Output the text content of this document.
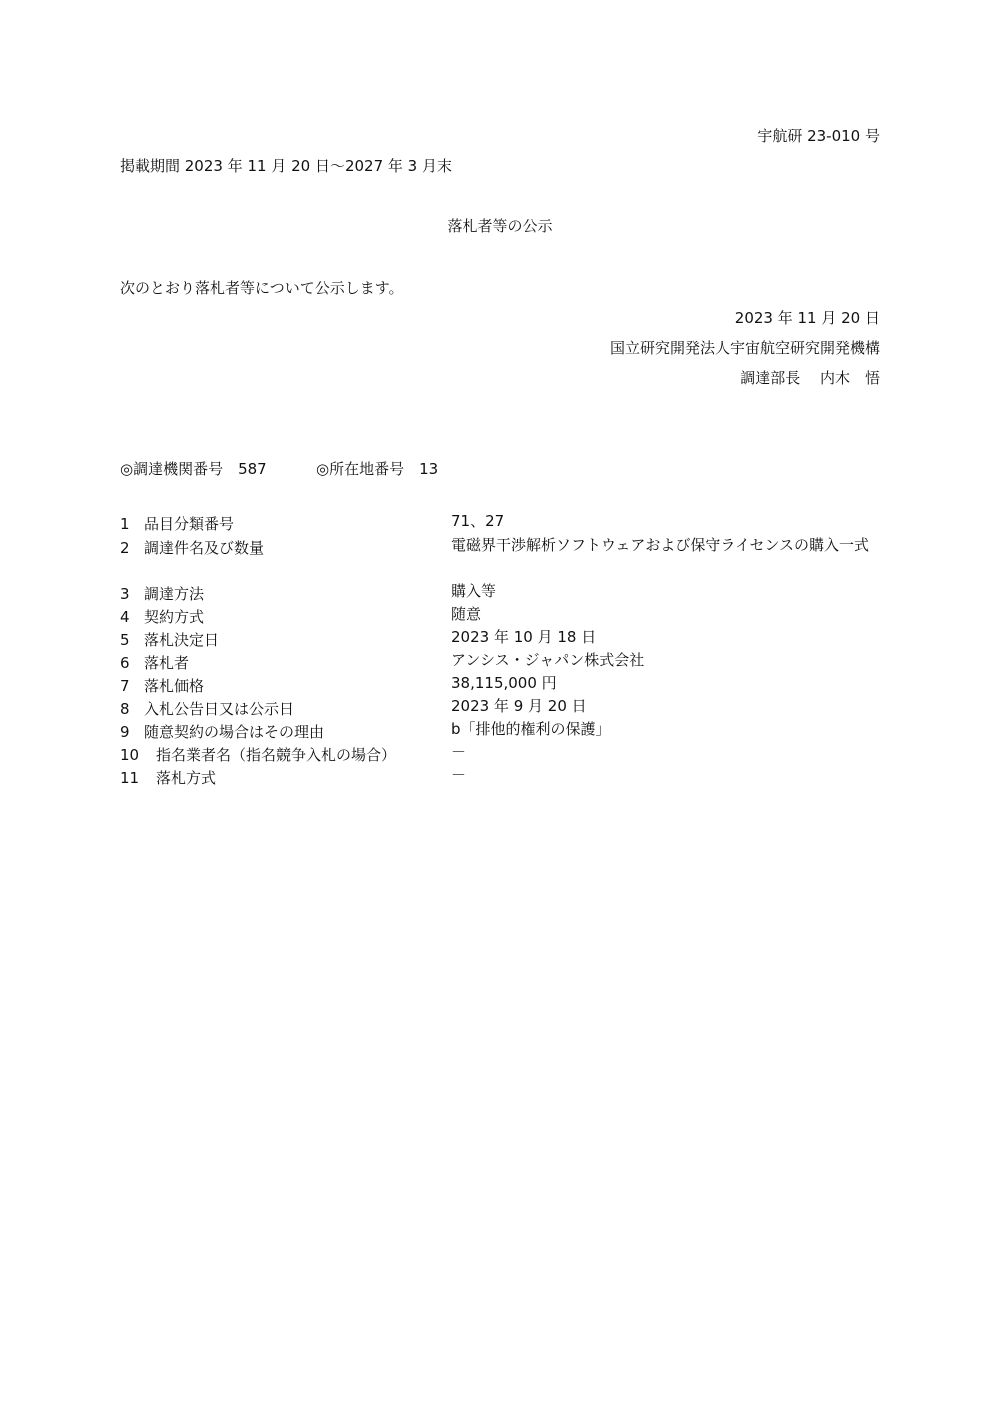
宇航研 23-010 号
掲載期間 2023 年 11 月 20 日～2027 年 3 月末
落札者等の公示
次のとおり落札者等について公示します。
2023 年 11 月 20 日
国立研究開発法人宇宙航空研究開発機構
調達部長　 内木　悟
◎調達機関番号　587	◎所在地番号　13
1 品目分類番号	71、27
2 調達件名及び数量	電磁界干渉解析ソフトウェアおよび保守ライセンスの購入一式
3 調達方法	購入等
4 契約方式	随意
5 落札決定日	2023 年 10 月 18 日
6 落札者	アンシス・ジャパン株式会社
7 落札価格	38,115,000 円
8 入札公告日又は公示日	2023 年 9 月 20 日
9 随意契約の場合はその理由	b「排他的権利の保護」
10 指名業者名（指名競争入札の場合）	－
11 落札方式	－
